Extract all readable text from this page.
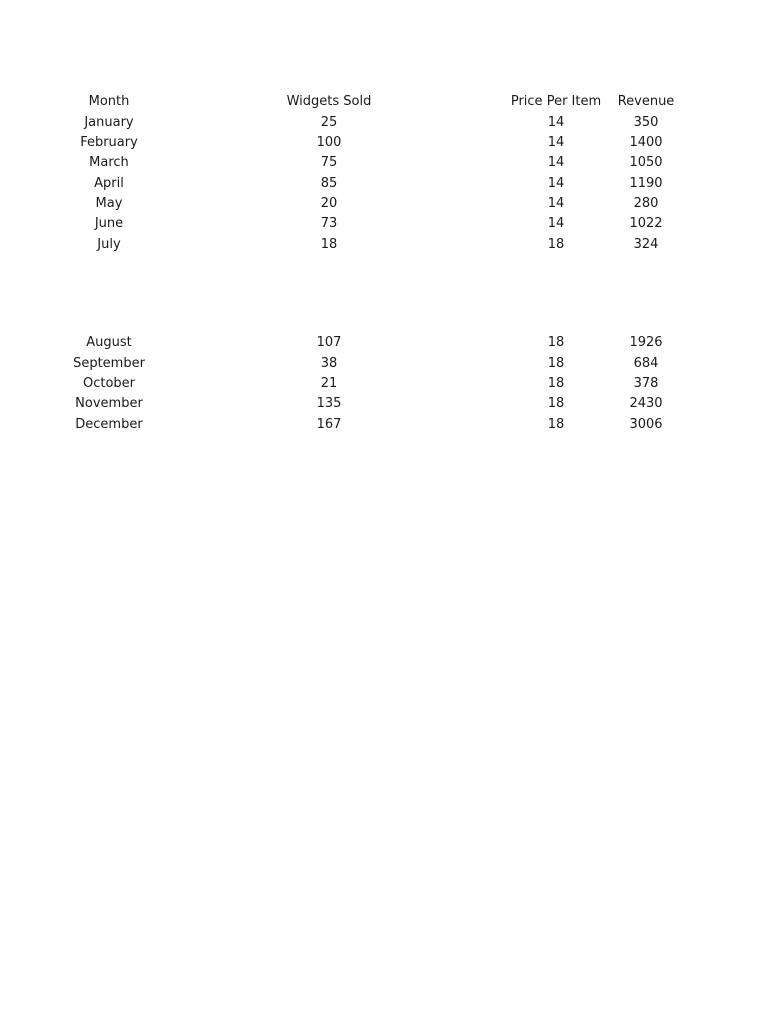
Month	Widgets Sold	Price Per Item	Revenue
January	25	14	350
February	100	14	1400
March	75	14	1050
April	85	14	1190
May	20	14	280
June	73	14	1022
July	18	18	324
August	107	18	1926
September	38	18	684
October	21	18	378
November	135	18	2430
December	167	18	3006
